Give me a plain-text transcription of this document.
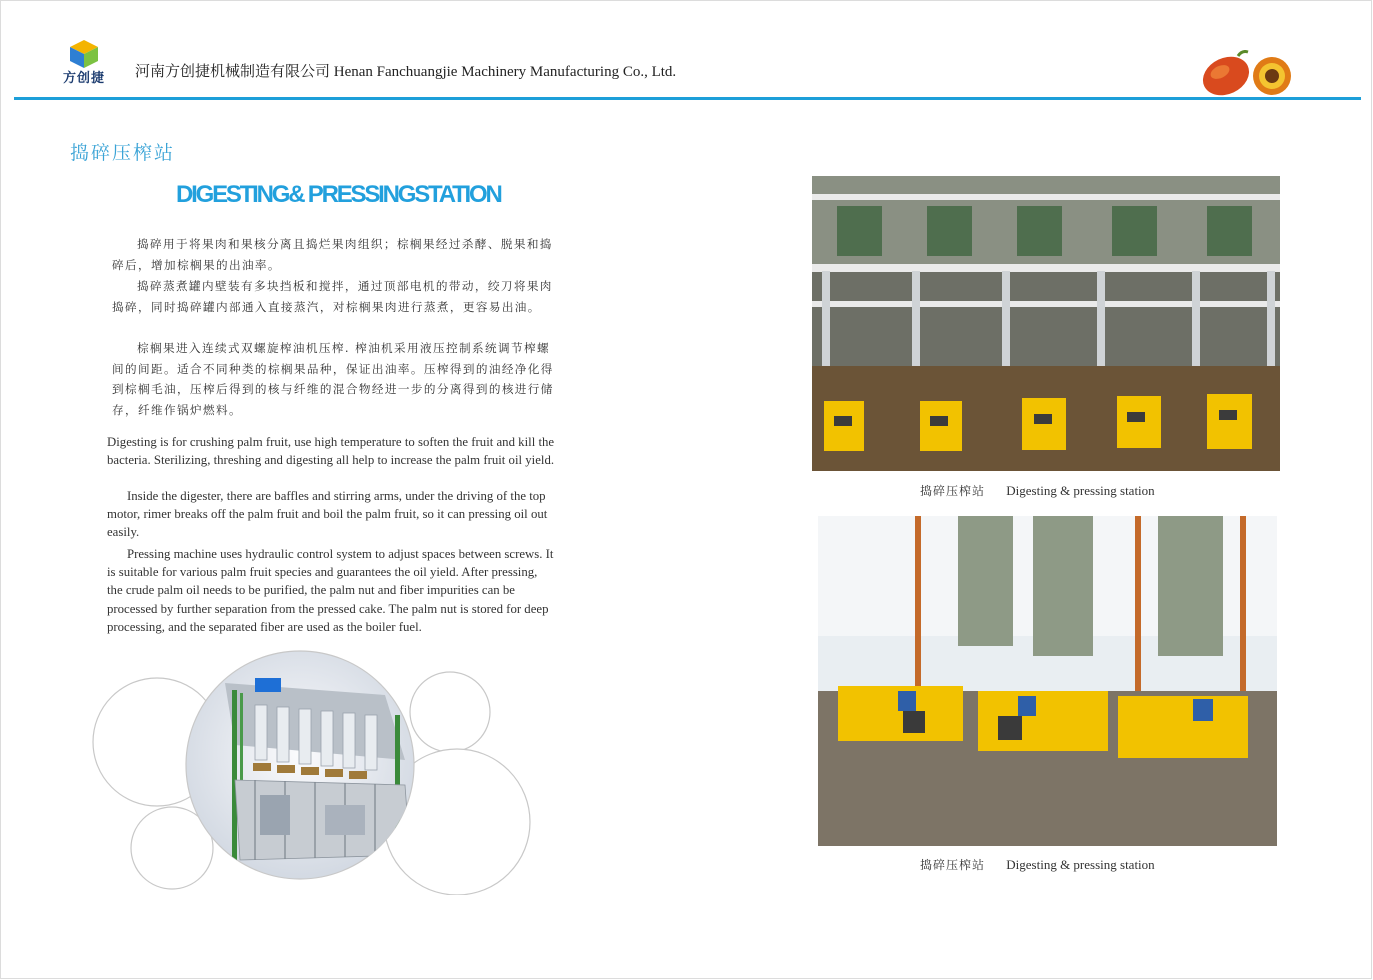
方创捷	河南方创捷机械制造有限公司 Henan Fanchuangjie Machinery Manufacturing Co., Ltd.
捣碎压榨站
DIGESTING& PRESSINGSTATION

捣碎用于将果肉和果核分离且捣烂果肉组织；棕榈果经过杀酵、脱果和捣碎后，增加棕榈果的出油率。

捣碎蒸煮罐内壁装有多块挡板和搅拌，通过顶部电机的带动，绞刀将果肉捣碎，同时捣碎罐内部通入直接蒸汽，对棕榈果肉进行蒸煮，更容易出油。

棕榈果进入连续式双螺旋榨油机压榨. 榨油机采用液压控制系统调节榨螺间的间距。适合不同种类的棕榈果品种，保证出油率。压榨得到的油经净化得到棕榈毛油，压榨后得到的核与纤维的混合物经进一步的分离得到的核进行储存，纤维作锅炉燃料。

Digesting is for crushing palm fruit, use high temperature to soften the fruit and kill the bacteria. Sterilizing, threshing and digesting all help to increase the palm fruit oil yield.

Inside the digester, there are baffles and stirring arms, under the driving of the top motor, rimer breaks off the palm fruit and boil the palm fruit, so it can pressing oil out easily.

Pressing machine uses hydraulic control system to adjust spaces between screws. It is suitable for various palm fruit species and guarantees the oil yield. After pressing, the crude palm oil needs to be purified, the palm nut and fiber impurities can be processed by further separation from the pressed cake. The palm nut is stored for deep processing, and the separated fiber are used as the boiler fuel.

捣碎压榨站 Digesting & pressing station
捣碎压榨站 Digesting & pressing station
